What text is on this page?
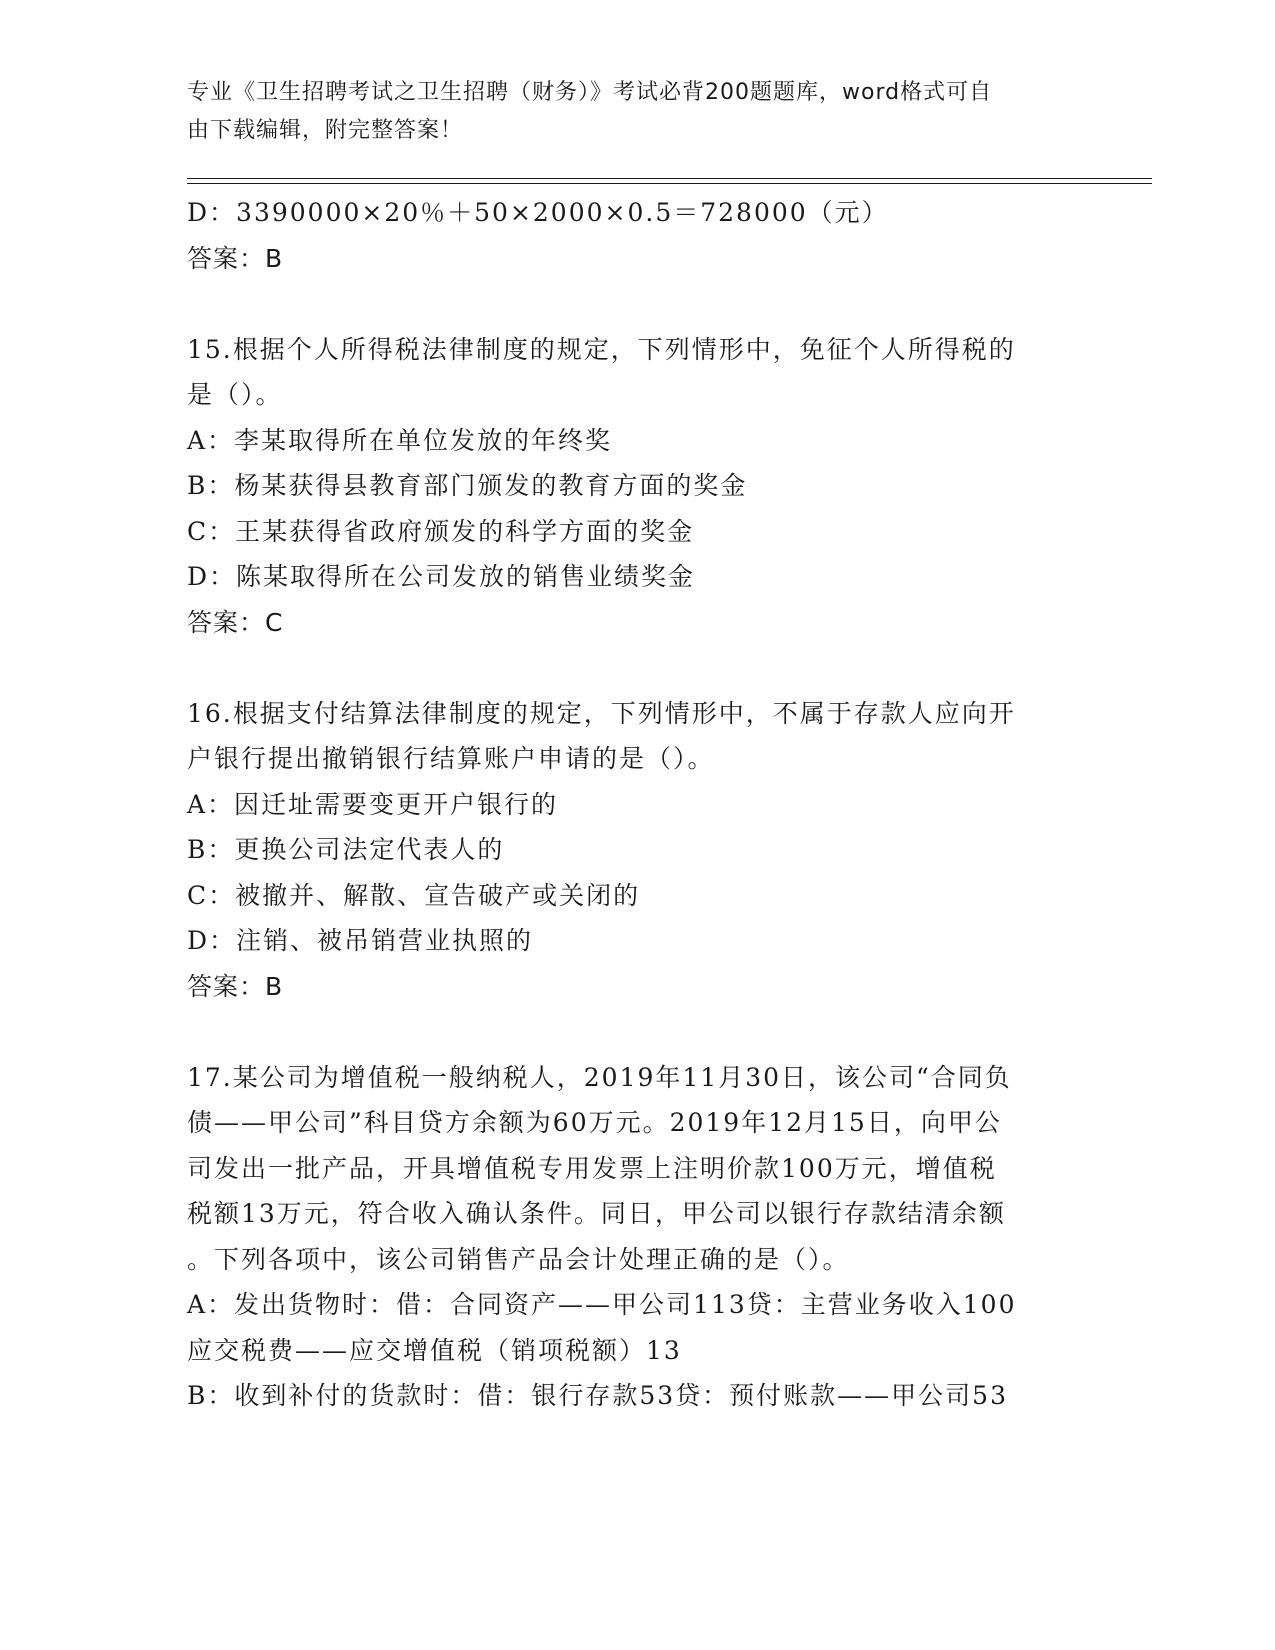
专业《卫生招聘考试之卫生招聘（财务）》考试必背200题题库，word格式可自
由下载编辑，附完整答案！

D：3390000×20％＋50×2000×0.5＝728000（元）

答案：B

15.根据个人所得税法律制度的规定，下列情形中，免征个人所得税的

是（）。

A：李某取得所在单位发放的年终奖

B：杨某获得县教育部门颁发的教育方面的奖金

C：王某获得省政府颁发的科学方面的奖金

D：陈某取得所在公司发放的销售业绩奖金

答案：C

16.根据支付结算法律制度的规定，下列情形中，不属于存款人应向开

户银行提出撤销银行结算账户申请的是（）。

A：因迁址需要变更开户银行的

B：更换公司法定代表人的

C：被撤并、解散、宣告破产或关闭的

D：注销、被吊销营业执照的

答案：B

17.某公司为增值税一般纳税人，2019年11月30日，该公司“合同负

债——甲公司”科目贷方余额为60万元。2019年12月15日，向甲公

司发出一批产品，开具增值税专用发票上注明价款100万元，增值税

税额13万元，符合收入确认条件。同日，甲公司以银行存款结清余额

。下列各项中，该公司销售产品会计处理正确的是（）。

A：发出货物时：借：合同资产——甲公司113贷：主营业务收入100

应交税费——应交增值税（销项税额）13

B：收到补付的货款时：借：银行存款53贷：预付账款——甲公司53
